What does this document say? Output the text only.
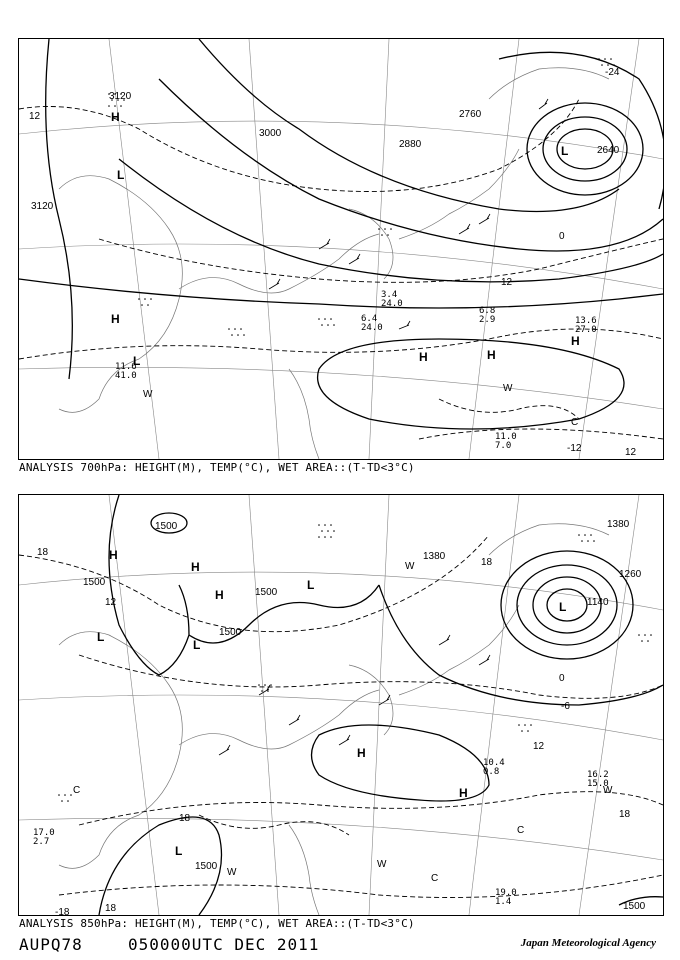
3120
3120
3000
2880
2760
2640
12
-24
0
12
-12	12
H
L
H
L	H	H
H
L
W
W
C
13.6
27.0
11.0
7.0
6.8
2.9
3.4
24.0
6.4
24.0
11.6
41.0
ANALYSIS 700hPa: HEIGHT(M), TEMP(°C), WET AREA::(T-TD<3°C)
1500
1500
1500
1500
1500
1380
1380
1260
1140
1500
18
12
18
0
-6
12
18
-18	18
18
H
H
H
L
L
L
L
H
H
W
W
C
C
W
C
W
L
16.2
15.0
19.0
1.4
10.4
0.8
17.0
2.7
ANALYSIS 850hPa: HEIGHT(M), TEMP(°C), WET AREA::(T-TD<3°C)
AUPQ78	050000UTC DEC 2011	Japan Meteorological Agency
